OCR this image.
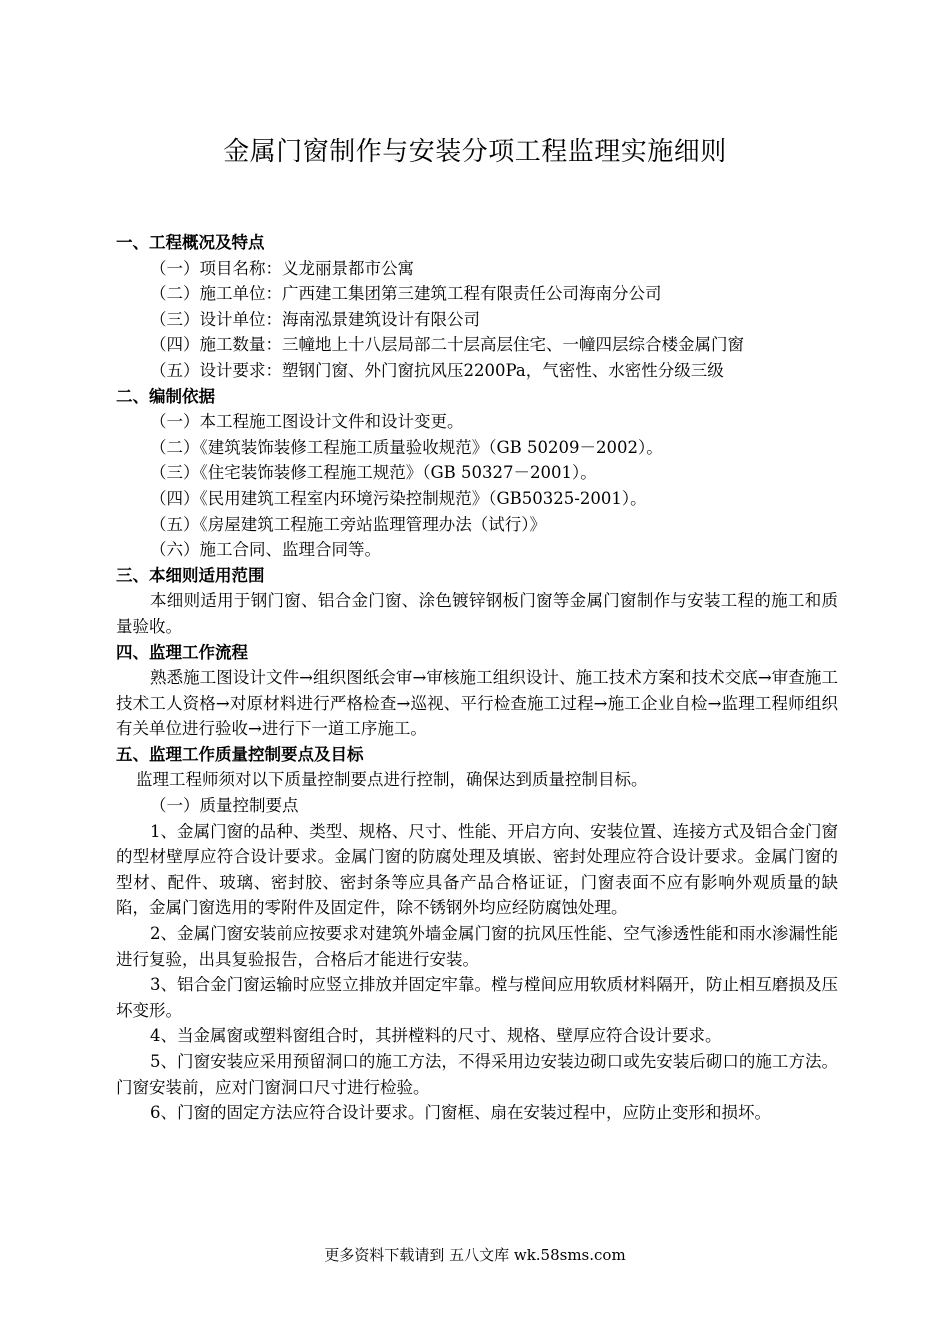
金属门窗制作与安装分项工程监理实施细则

一、工程概况及特点

（一）项目名称：义龙丽景都市公寓

（二）施工单位：广西建工集团第三建筑工程有限责任公司海南分公司

（三）设计单位：海南泓景建筑设计有限公司

（四）施工数量：三幢地上十八层局部二十层高层住宅、一幢四层综合楼金属门窗

（五）设计要求：塑钢门窗、外门窗抗风压2200Pa，气密性、水密性分级三级

二、编制依据

（一）本工程施工图设计文件和设计变更。

（二）《建筑装饰装修工程施工质量验收规范》（GB 50209－2002）。

（三）《住宅装饰装修工程施工规范》（GB 50327－2001）。

（四）《民用建筑工程室内环境污染控制规范》（GB50325-2001）。

（五）《房屋建筑工程施工旁站监理管理办法（试行）》

（六）施工合同、监理合同等。

三、本细则适用范围

本细则适用于钢门窗、铝合金门窗、涂色镀锌钢板门窗等金属门窗制作与安装工程的施工和质量验收。

四、监理工作流程

熟悉施工图设计文件→组织图纸会审→审核施工组织设计、施工技术方案和技术交底→审查施工技术工人资格→对原材料进行严格检查→巡视、平行检查施工过程→施工企业自检→监理工程师组织有关单位进行验收→进行下一道工序施工。

五、监理工作质量控制要点及目标

监理工程师须对以下质量控制要点进行控制，确保达到质量控制目标。

（一）质量控制要点

1、金属门窗的品种、类型、规格、尺寸、性能、开启方向、安装位置、连接方式及铝合金门窗的型材壁厚应符合设计要求。金属门窗的防腐处理及填嵌、密封处理应符合设计要求。金属门窗的型材、配件、玻璃、密封胶、密封条等应具备产品合格证证，门窗表面不应有影响外观质量的缺陷，金属门窗选用的零附件及固定件，除不锈钢外均应经防腐蚀处理。

2、金属门窗安装前应按要求对建筑外墙金属门窗的抗风压性能、空气渗透性能和雨水渗漏性能进行复验，出具复验报告，合格后才能进行安装。

3、铝合金门窗运输时应竖立排放并固定牢靠。樘与樘间应用软质材料隔开，防止相互磨损及压坏变形。

4、当金属窗或塑料窗组合时，其拼樘料的尺寸、规格、壁厚应符合设计要求。

5、门窗安装应采用预留洞口的施工方法，不得采用边安装边砌口或先安装后砌口的施工方法。门窗安装前，应对门窗洞口尺寸进行检验。

6、门窗的固定方法应符合设计要求。门窗框、扇在安装过程中，应防止变形和损坏。

更多资料下载请到 五八文库 wk.58sms.com
